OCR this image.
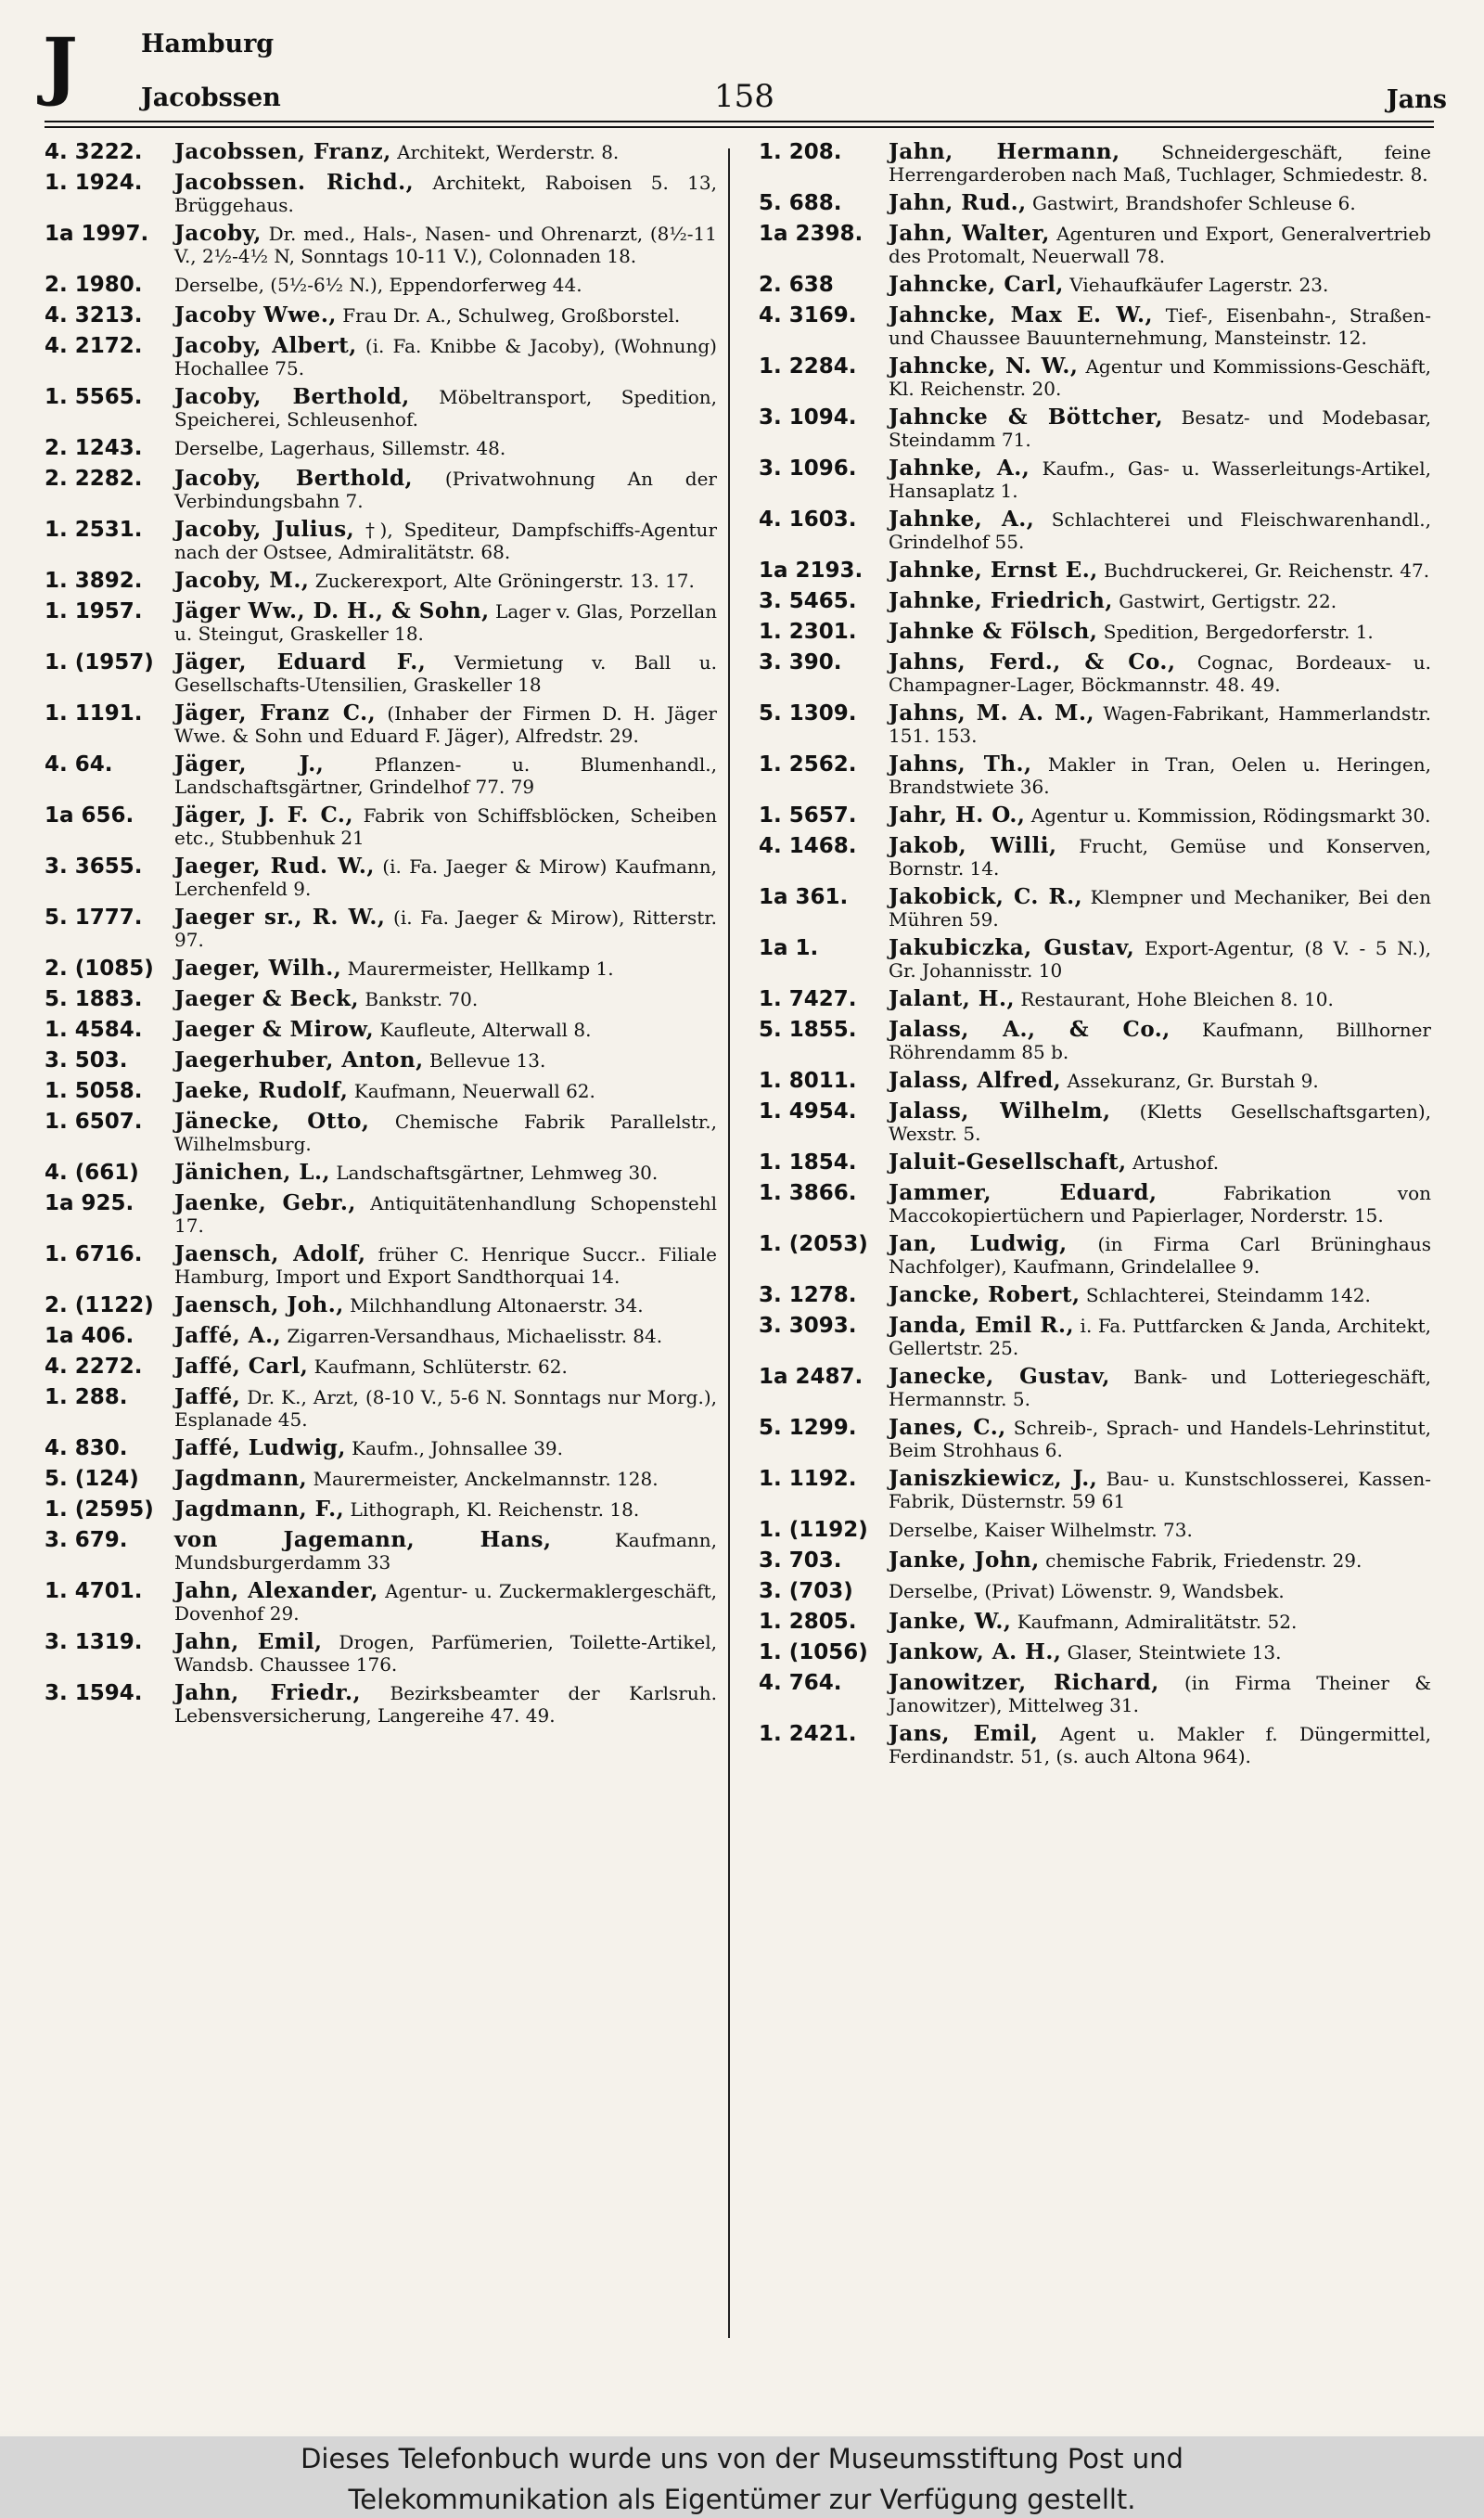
J	Hamburg
Jacobssen	158	Jans
4. 3222.	Jacobssen, Franz, Architekt, Werderstr. 8.
1. 1924.	Jacobssen. Richd., Architekt, Raboisen 5. 13, Brüggehaus.
1a 1997.	Jacoby, Dr. med., Hals-, Nasen- und Ohrenarzt, (8½-11 V., 2½-4½ N, Sonntags 10-11 V.), Colonnaden 18.
2. 1980.	Derselbe, (5½-6½ N.), Eppendorferweg 44.
4. 3213.	Jacoby Wwe., Frau Dr. A., Schulweg, Großborstel.
4. 2172.	Jacoby, Albert, (i. Fa. Knibbe & Jacoby), (Wohnung) Hochallee 75.
1. 5565.	Jacoby, Berthold, Möbeltransport, Spedition, Speicherei, Schleusenhof.
2. 1243.	Derselbe, Lagerhaus, Sillemstr. 48.
2. 2282.	Jacoby, Berthold, (Privatwohnung An der Verbindungsbahn 7.
1. 2531.	Jacoby, Julius, †), Spediteur, Dampfschiffs-Agentur nach der Ostsee, Admiralitätstr. 68.
1. 3892.	Jacoby, M., Zuckerexport, Alte Gröningerstr. 13. 17.
1. 1957.	Jäger Ww., D. H., & Sohn, Lager v. Glas, Porzellan u. Steingut, Graskeller 18.
1. (1957) Jäger, Eduard F., Vermietung v. Ball u. Gesellschafts-Utensilien, Graskeller 18
1. 1191.	Jäger, Franz C., (Inhaber der Firmen D. H. Jäger Wwe. & Sohn und Eduard F. Jäger), Alfredstr. 29.
4. 64.	Jäger, J., Pflanzen- u. Blumenhandl., Landschaftsgärtner, Grindelhof 77. 79
1a 656.	Jäger, J. F. C., Fabrik von Schiffsblöcken, Scheiben etc., Stubbenhuk 21
3. 3655.	Jaeger, Rud. W., (i. Fa. Jaeger & Mirow) Kaufmann, Lerchenfeld 9.
5. 1777.	Jaeger sr., R. W., (i. Fa. Jaeger & Mirow), Ritterstr. 97.
2. (1085) Jaeger, Wilh., Maurermeister, Hellkamp 1.
5. 1883.	Jaeger & Beck, Bankstr. 70.
1. 4584.	Jaeger & Mirow, Kaufleute, Alterwall 8.
3. 503.	Jaegerhuber, Anton, Bellevue 13.
1. 5058.	Jaeke, Rudolf, Kaufmann, Neuerwall 62.
1. 6507.	Jänecke, Otto, Chemische Fabrik Parallelstr., Wilhelmsburg.
4. (661)	Jänichen, L., Landschaftsgärtner, Lehmweg 30.
1a 925.	Jaenke, Gebr., Antiquitätenhandlung Schopenstehl 17.
1. 6716.	Jaensch, Adolf, früher C. Henrique Succr.. Filiale Hamburg, Import und Export Sandthorquai 14.
2. (1122) Jaensch, Joh., Milchhandlung Altonaerstr. 34.
1a 406.	Jaffé, A., Zigarren-Versandhaus, Michaelisstr. 84.
4. 2272.	Jaffé, Carl, Kaufmann, Schlüterstr. 62.
1. 288.	Jaffé, Dr. K., Arzt, (8-10 V., 5-6 N. Sonntags nur Morg.), Esplanade 45.
4. 830.	Jaffé, Ludwig, Kaufm., Johnsallee 39.
5. (124)	Jagdmann, Maurermeister, Anckelmannstr. 128.
1. (2595) Jagdmann, F., Lithograph, Kl. Reichenstr. 18.
3. 679.	von Jagemann, Hans, Kaufmann, Mundsburgerdamm 33
1. 4701.	Jahn, Alexander, Agentur- u. Zuckermaklergeschäft, Dovenhof 29.
3. 1319.	Jahn, Emil, Drogen, Parfümerien, Toilette-Artikel, Wandsb. Chaussee 176.
3. 1594.	Jahn, Friedr., Bezirksbeamter der Karlsruh. Lebensversicherung, Langereihe 47. 49.
1. 208.	Jahn, Hermann, Schneidergeschäft, feine Herrengarderoben nach Maß, Tuchlager, Schmiedestr. 8.
5. 688.	Jahn, Rud., Gastwirt, Brandshofer Schleuse 6.
1a 2398.	Jahn, Walter, Agenturen und Export, Generalvertrieb des Protomalt, Neuerwall 78.
2. 638	Jahncke, Carl, Viehaufkäufer Lagerstr. 23.
4. 3169.	Jahncke, Max E. W., Tief-, Eisenbahn-, Straßen- und Chaussee Bauunternehmung, Mansteinstr. 12.
1. 2284.	Jahncke, N. W., Agentur und Kommissions-Geschäft, Kl. Reichenstr. 20.
3. 1094.	Jahncke & Böttcher, Besatz- und Modebasar, Steindamm 71.
3. 1096.	Jahnke, A., Kaufm., Gas- u. Wasserleitungs-Artikel, Hansaplatz 1.
4. 1603.	Jahnke, A., Schlachterei und Fleischwarenhandl., Grindelhof 55.
1a 2193.	Jahnke, Ernst E., Buchdruckerei, Gr. Reichenstr. 47.
3. 5465.	Jahnke, Friedrich, Gastwirt, Gertigstr. 22.
1. 2301.	Jahnke & Fölsch, Spedition, Bergedorferstr. 1.
3. 390.	Jahns, Ferd., & Co., Cognac, Bordeaux- u. Champagner-Lager, Böckmannstr. 48. 49.
5. 1309.	Jahns, M. A. M., Wagen-Fabrikant, Hammerlandstr. 151. 153.
1. 2562.	Jahns, Th., Makler in Tran, Oelen u. Heringen, Brandstwiete 36.
1. 5657.	Jahr, H. O., Agentur u. Kommission, Rödingsmarkt 30.
4. 1468.	Jakob, Willi, Frucht, Gemüse und Konserven, Bornstr. 14.
1a 361.	Jakobick, C. R., Klempner und Mechaniker, Bei den Mühren 59.
1a 1.	Jakubiczka, Gustav, Export-Agentur, (8 V. - 5 N.), Gr. Johannisstr. 10
1. 7427.	Jalant, H., Restaurant, Hohe Bleichen 8. 10.
5. 1855.	Jalass, A., & Co., Kaufmann, Billhorner Röhrendamm 85 b.
1. 8011.	Jalass, Alfred, Assekuranz, Gr. Burstah 9.
1. 4954.	Jalass, Wilhelm, (Kletts Gesellschaftsgarten), Wexstr. 5.
1. 1854.	Jaluit-Gesellschaft, Artushof.
1. 3866.	Jammer, Eduard, Fabrikation von Maccokopiertüchern und Papierlager, Norderstr. 15.
1. (2053) Jan, Ludwig, (in Firma Carl Brüninghaus Nachfolger), Kaufmann, Grindelallee 9.
3. 1278.	Jancke, Robert, Schlachterei, Steindamm 142.
3. 3093.	Janda, Emil R., i. Fa. Puttfarcken & Janda, Architekt, Gellertstr. 25.
1a 2487.	Janecke, Gustav, Bank- und Lotteriegeschäft, Hermannstr. 5.
5. 1299.	Janes, C., Schreib-, Sprach- und Handels-Lehrinstitut, Beim Strohhaus 6.
1. 1192.	Janiszkiewicz, J., Bau- u. Kunstschlosserei, Kassen-Fabrik, Düsternstr. 59 61
1. (1192)	Derselbe, Kaiser Wilhelmstr. 73.
3. 703.	Janke, John, chemische Fabrik, Friedenstr. 29.
3. (703)	Derselbe, (Privat) Löwenstr. 9, Wandsbek.
1. 2805.	Janke, W., Kaufmann, Admiralitätstr. 52.
1. (1056) Jankow, A. H., Glaser, Steintwiete 13.
4. 764.	Janowitzer, Richard, (in Firma Theiner & Janowitzer), Mittelweg 31.
1. 2421.	Jans, Emil, Agent u. Makler f. Düngermittel, Ferdinandstr. 51, (s. auch Altona 964).
Dieses Telefonbuch wurde uns von der Museumsstiftung Post und
Telekommunikation als Eigentümer zur Verfügung gestellt.
